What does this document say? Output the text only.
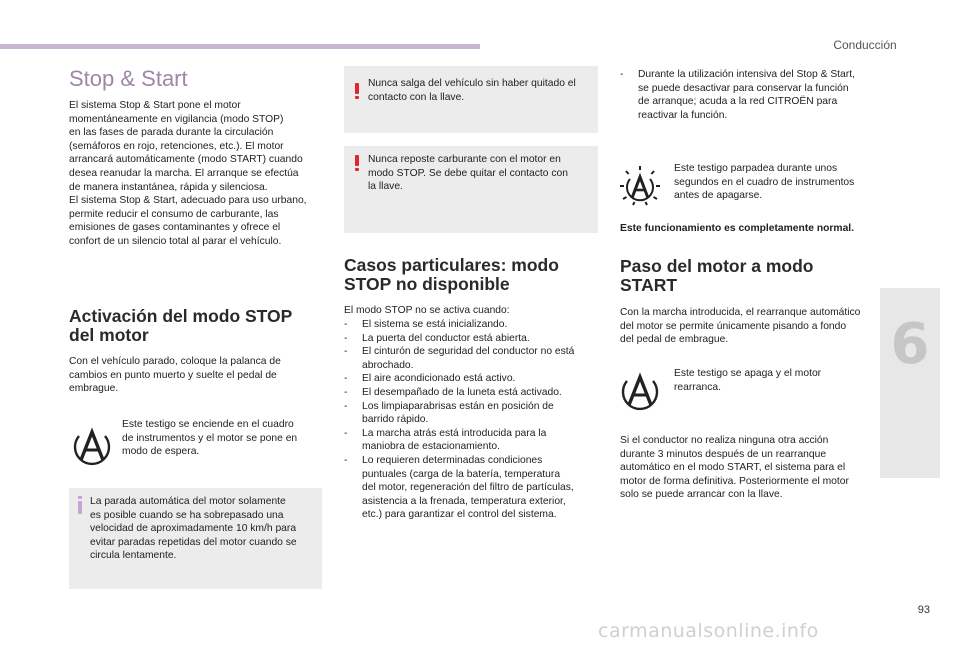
Conducción
6
Stop & Start
El sistema Stop & Start pone el motor
momentáneamente en vigilancia (modo STOP)
en las fases de parada durante la circulación
(semáforos en rojo, retenciones, etc.). El motor
arrancará automáticamente (modo START) cuando
desea reanudar la marcha. El arranque se efectúa
de manera instantánea, rápida y silenciosa.
El sistema Stop & Start, adecuado para uso urbano,
permite reducir el consumo de carburante, las
emisiones de gases contaminantes y ofrece el
confort de un silencio total al parar el vehículo.
Activación del modo STOP
del motor
Con el vehículo parado, coloque la palanca de
cambios en punto muerto y suelte el pedal de
embrague.
Este testigo se enciende en el cuadro
de instrumentos y el motor se pone en
modo de espera.
La parada automática del motor solamente
es posible cuando se ha sobrepasado una
velocidad de aproximadamente 10 km/h para
evitar paradas repetidas del motor cuando se
circula lentamente.
Nunca salga del vehículo sin haber quitado el
contacto con la llave.
Nunca reposte carburante con el motor en
modo STOP. Se debe quitar el contacto con
la llave.
Casos particulares: modo
STOP no disponible
El modo STOP no se activa cuando:
- El sistema se está inicializando.
- La puerta del conductor está abierta.
- El cinturón de seguridad del conductor no está
abrochado.
- El aire acondicionado está activo.
- El desempañado de la luneta está activado.
- Los limpiaparabrisas están en posición de
barrido rápido.
- La marcha atrás está introducida para la
maniobra de estacionamiento.
- Lo requieren determinadas condiciones
puntuales (carga de la batería, temperatura
del motor, regeneración del filtro de partículas,
asistencia a la frenada, temperatura exterior,
etc.) para garantizar el control del sistema.
- Durante la utilización intensiva del Stop & Start,
se puede desactivar para conservar la función
de arranque; acuda a la red CITROËN para
reactivar la función.
Este testigo parpadea durante unos
segundos en el cuadro de instrumentos
antes de apagarse.
Este funcionamiento es completamente normal.
Paso del motor a modo
START
Con la marcha introducida, el rearranque automático
del motor se permite únicamente pisando a fondo
del pedal de embrague.
Este testigo se apaga y el motor
rearranca.
Si el conductor no realiza ninguna otra acción
durante 3 minutos después de un rearranque
automático en el modo START, el sistema para el
motor de forma definitiva. Posteriormente el motor
solo se puede arrancar con la llave.
93
carmanualsonline.info
